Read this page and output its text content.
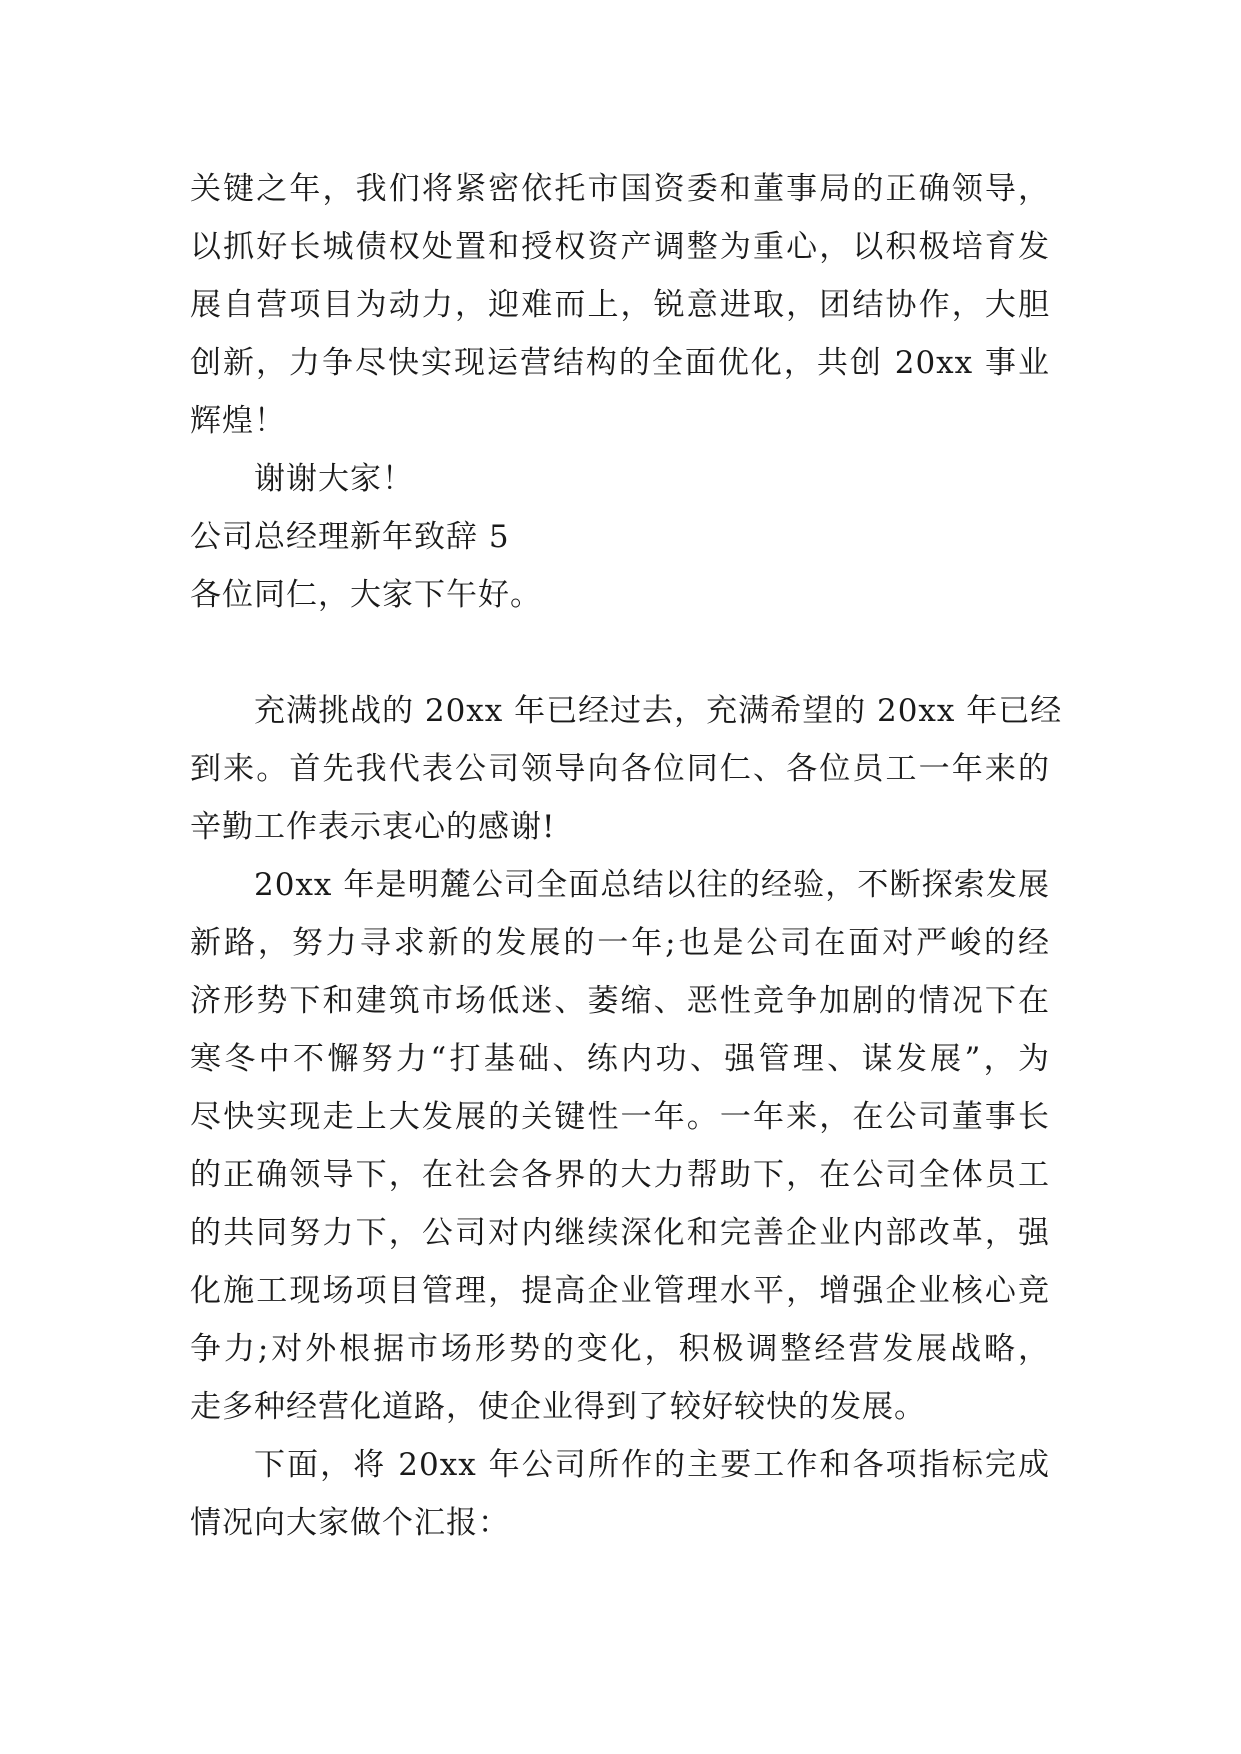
关键之年，我们将紧密依托市国资委和董事局的正确领导，
以抓好长城债权处置和授权资产调整为重心，以积极培育发
展自营项目为动力，迎难而上，锐意进取，团结协作，大胆
创新，力争尽快实现运营结构的全面优化，共创 20xx 事业
辉煌！
谢谢大家！
公司总经理新年致辞 5
各位同仁，大家下午好。
充满挑战的 20xx 年已经过去，充满希望的 20xx 年已经
到来。首先我代表公司领导向各位同仁、各位员工一年来的
辛勤工作表示衷心的感谢!
20xx 年是明麓公司全面总结以往的经验，不断探索发展
新路，努力寻求新的发展的一年;也是公司在面对严峻的经
济形势下和建筑市场低迷、萎缩、恶性竞争加剧的情况下在
寒冬中不懈努力“打基础、练内功、强管理、谋发展”，为
尽快实现走上大发展的关键性一年。一年来，在公司董事长
的正确领导下，在社会各界的大力帮助下，在公司全体员工
的共同努力下，公司对内继续深化和完善企业内部改革，强
化施工现场项目管理，提高企业管理水平，增强企业核心竞
争力;对外根据市场形势的变化，积极调整经营发展战略，
走多种经营化道路，使企业得到了较好较快的发展。
下面，将 20xx 年公司所作的主要工作和各项指标完成
情况向大家做个汇报：
